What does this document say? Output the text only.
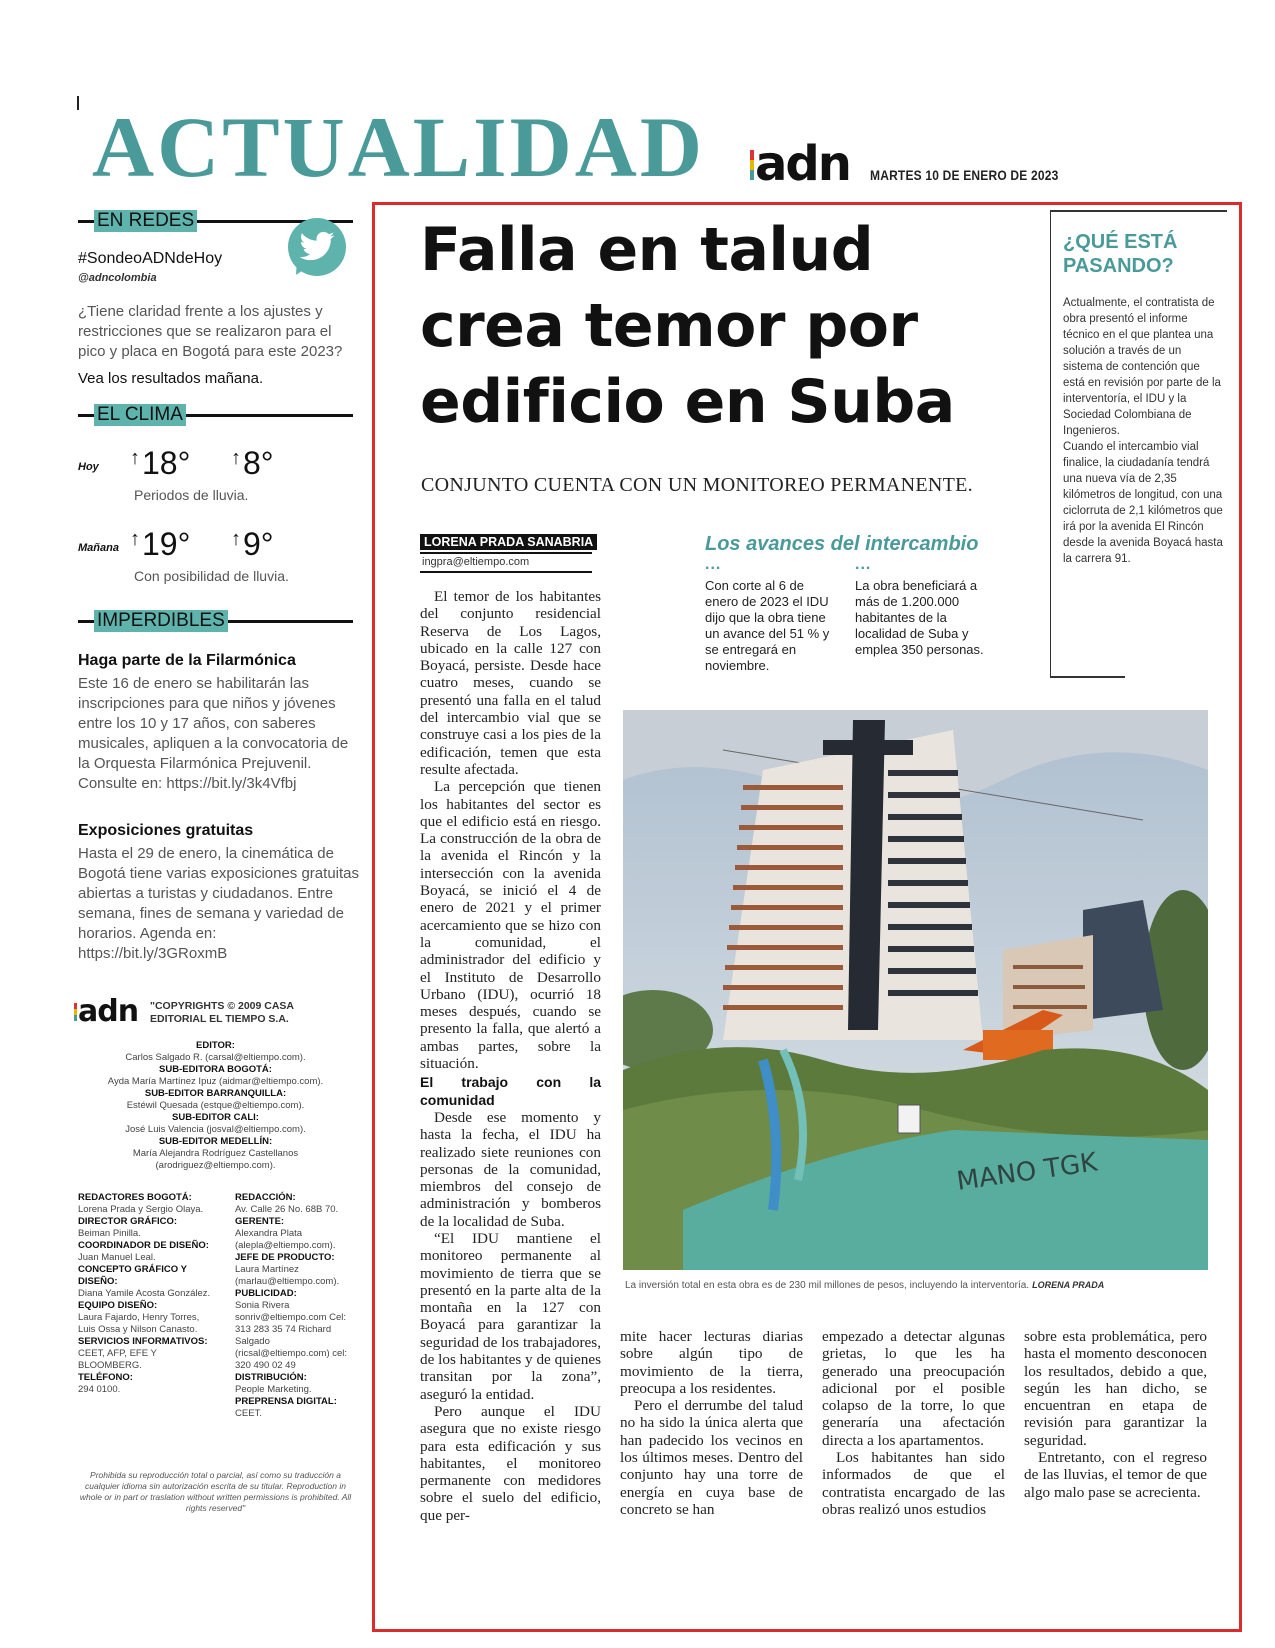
ACTUALIDAD adn MARTES 10 DE ENERO DE 2023
EN REDES
#SondeoADNdeHoy
@adncolombia
¿Tiene claridad frente a los ajustes y restricciones que se realizaron para el pico y placa en Bogotá para este 2023?
Vea los resultados mañana.
EL CLIMA
Hoy ↑18° ↑8°
Periodos de lluvia.
Mañana ↑19° ↑9°
Con posibilidad de lluvia.
IMPERDIBLES
Haga parte de la Filarmónica
Este 16 de enero se habilitarán las inscripciones para que niños y jóvenes entre los 10 y 17 años, con saberes musicales, apliquen a la convocatoria de la Orquesta Filarmónica Prejuvenil. Consulte en: https://bit.ly/3k4Vfbj
Exposiciones gratuitas
Hasta el 29 de enero, la cinemática de Bogotá tiene varias exposiciones gratuitas abiertas a turistas y ciudadanos. Entre semana, fines de semana y variedad de horarios. Agenda en: https://bit.ly/3GRoxmB
adn "COPYRIGHTS © 2009 CASA EDITORIAL EL TIEMPO S.A.
EDITOR:
Carlos Salgado R. (carsal@eltiempo.com).
SUB-EDITORA BOGOTÁ:
Ayda María Martínez Ipuz (aidmar@eltiempo.com).
SUB-EDITOR BARRANQUILLA:
Estéwil Quesada (estque@eltiempo.com).
SUB-EDITOR CALI:
José Luis Valencia (josval@eltiempo.com).
SUB-EDITOR MEDELLÍN:
María Alejandra Rodríguez Castellanos (arodriguez@eltiempo.com).
REDACTORES BOGOTÁ:
Lorena Prada y Sergio Olaya.
DIRECTOR GRÁFICO:
Beiman Pinilla.
COORDINADOR DE DISEÑO:
Juan Manuel Leal.
CONCEPTO GRÁFICO Y DISEÑO:
Diana Yamile Acosta González.
EQUIPO DISEÑO:
Laura Fajardo, Henry Torres, Luis Ossa y Nilson Canasto.
SERVICIOS INFORMATIVOS:
CEET, AFP, EFE Y BLOOMBERG.
TELÉFONO:
294 0100.
REDACCIÓN:
Av. Calle 26 No. 68B 70.
GERENTE:
Alexandra Plata (alepla@eltiempo.com).
JEFE DE PRODUCTO:
Laura Martínez (marlau@eltiempo.com).
PUBLICIDAD:
Sonia Rivera sonriv@eltiempo.com Cel: 313 283 35 74 Richard Salgado (ricsal@eltiempo.com) cel: 320 490 02 49
DISTRIBUCIÓN:
People Marketing.
PREPRENSA DIGITAL:
CEET.
Prohibida su reproducción total o parcial, así como su traducción a cualquier idioma sin autorización escrita de su titular. Reproduction in whole or in part or traslation without written permissions is prohibited. All rights reserved"
Falla en talud crea temor por edificio en Suba
CONJUNTO CUENTA CON UN MONITOREO PERMANENTE.
LORENA PRADA SANABRIA
ingpra@eltiempo.com

El temor de los habitantes del conjunto residencial Reserva de Los Lagos, ubicado en la calle 127 con Boyacá, persiste. Desde hace cuatro meses, cuando se presentó una falla en el talud del intercambio vial que se construye casi a los pies de la edificación, temen que esta resulte afectada.

La percepción que tienen los habitantes del sector es que el edificio está en riesgo. La construcción de la obra de la avenida el Rincón y la intersección con la avenida Boyacá, se inició el 4 de enero de 2021 y el primer acercamiento que se hizo con la comunidad, el administrador del edificio y el Instituto de Desarrollo Urbano (IDU), ocurrió 18 meses después, cuando se presento la falla, que alertó a ambas partes, sobre la situación.

El trabajo con la comunidad

Desde ese momento y hasta la fecha, el IDU ha realizado siete reuniones con personas de la comunidad, miembros del consejo de administración y bomberos de la localidad de Suba.

“El IDU mantiene el monitoreo permanente al movimiento de tierra que se presentó en la parte alta de la montaña en la 127 con Boyacá para garantizar la seguridad de los trabajadores, de los habitantes y de quienes transitan por la zona”, aseguró la entidad.

Pero aunque el IDU asegura que no existe riesgo para esta edificación y sus habitantes, el monitoreo permanente con medidores sobre el suelo del edificio, que per-

mite hacer lecturas diarias sobre algún tipo de movimiento de la tierra, preocupa a los residentes.

Pero el derrumbe del talud no ha sido la única alerta que han padecido los vecinos en los últimos meses. Dentro del conjunto hay una torre de energía en cuya base de concreto se han

empezado a detectar algunas grietas, lo que les ha generado una preocupación adicional por el posible colapso de la torre, lo que generaría una afectación directa a los apartamentos.

Los habitantes han sido informados de que el contratista encargado de las obras realizó unos estudios

sobre esta problemática, pero hasta el momento desconocen los resultados, debido a que, según les han dicho, se encuentran en etapa de revisión para garantizar la seguridad.

Entretanto, con el regreso de las lluvias, el temor de que algo malo pase se acrecienta.

Los avances del intercambio
...	...
Con corte al 6 de enero de 2023 el IDU dijo que la obra tiene un avance del 51 % y se entregará en noviembre.
La obra beneficiará a más de 1.200.000 habitantes de la localidad de Suba y emplea 350 personas.
¿QUÉ ESTÁ PASANDO?

Actualmente, el contratista de obra presentó el informe técnico en el que plantea una solución a través de un sistema de contención que está en revisión por parte de la interventoría, el IDU y la Sociedad Colombiana de Ingenieros.

Cuando el intercambio vial finalice, la ciudadanía tendrá una nueva vía de 2,35 kilómetros de longitud, con una ciclorruta de 2,1 kilómetros que irá por la avenida El Rincón desde la avenida Boyacá hasta la carrera 91.

MANO TGK
La inversión total en esta obra es de 230 mil millones de pesos, incluyendo la interventoría. LORENA PRADA
